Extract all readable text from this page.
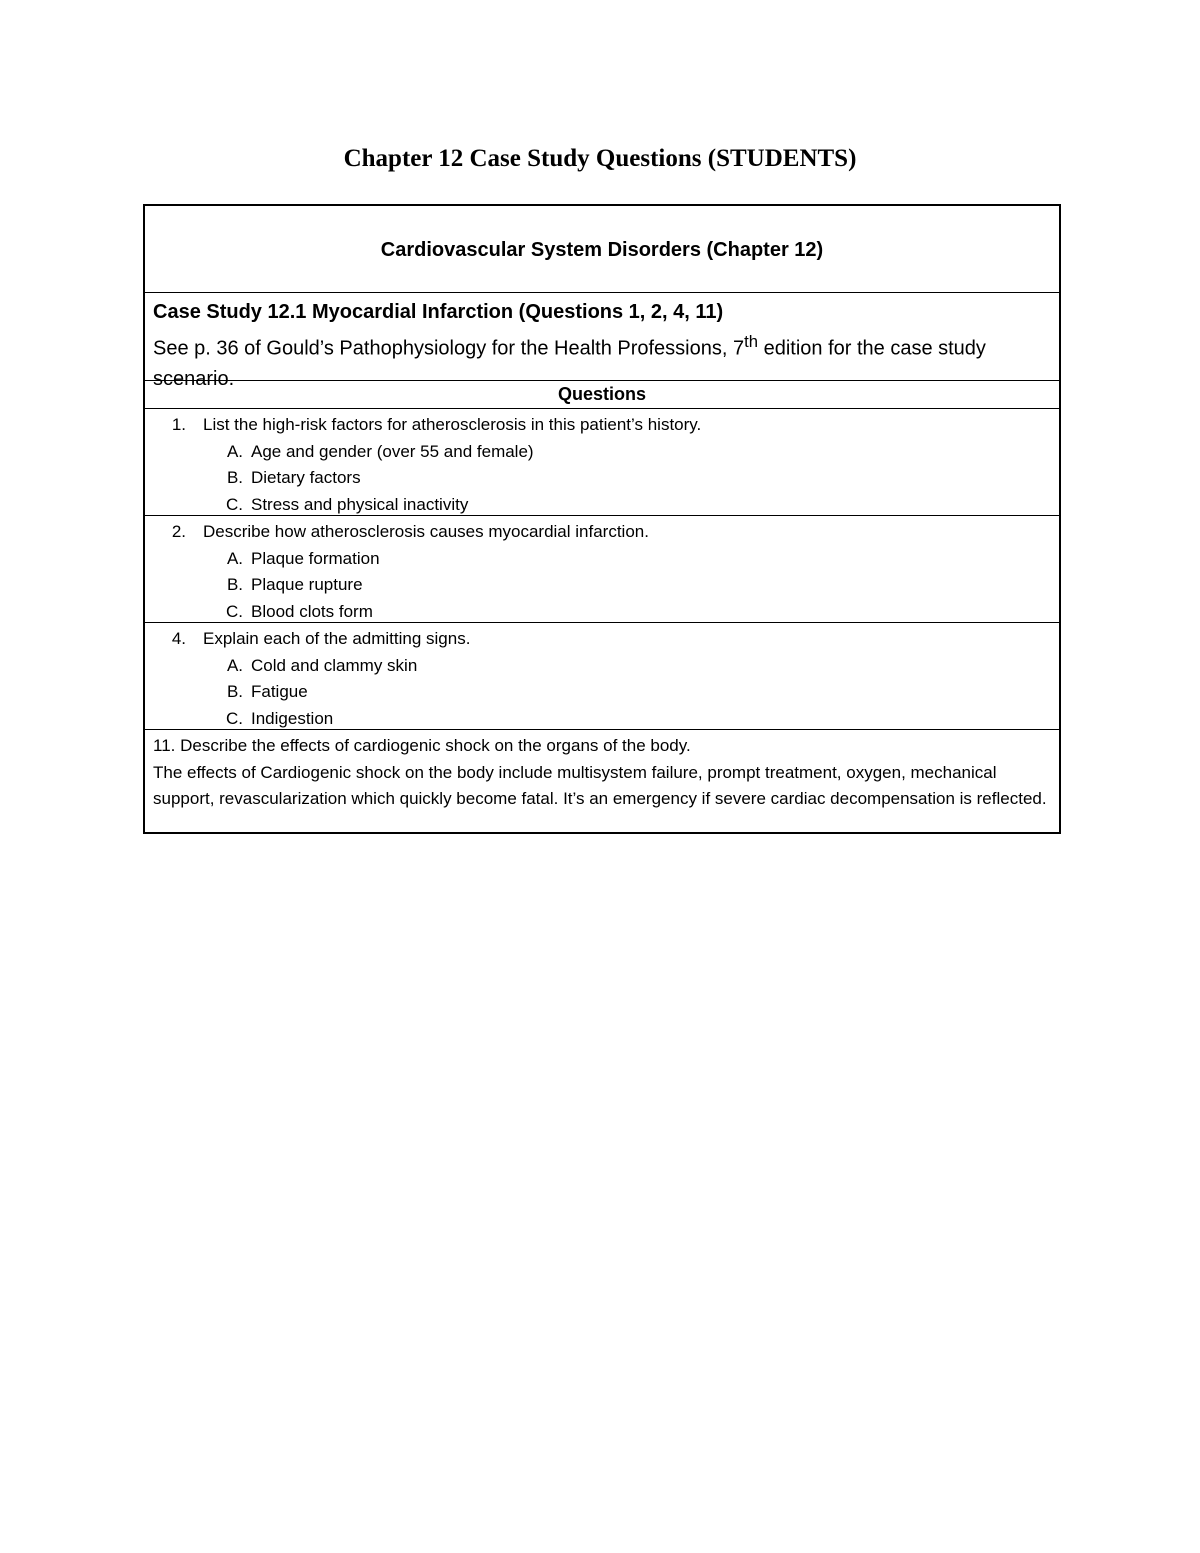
Chapter 12 Case Study Questions (STUDENTS)
Cardiovascular System Disorders (Chapter 12)
Case Study 12.1 Myocardial Infarction (Questions 1, 2, 4, 11)
See p. 36 of Gould’s Pathophysiology for the Health Professions, 7th edition for the case study scenario.
Questions
1.	List the high-risk factors for atherosclerosis in this patient’s history.
A. Age and gender (over 55 and female)
B. Dietary factors
C. Stress and physical inactivity
2.	Describe how atherosclerosis causes myocardial infarction.
A. Plaque formation
B. Plaque rupture
C. Blood clots form
4.	Explain each of the admitting signs.
A. Cold and clammy skin
B. Fatigue
C. Indigestion
11. Describe the effects of cardiogenic shock on the organs of the body.
The effects of Cardiogenic shock on the body include multisystem failure, prompt treatment, oxygen, mechanical support, revascularization which quickly become fatal. It’s an emergency if severe cardiac decompensation is reflected.
